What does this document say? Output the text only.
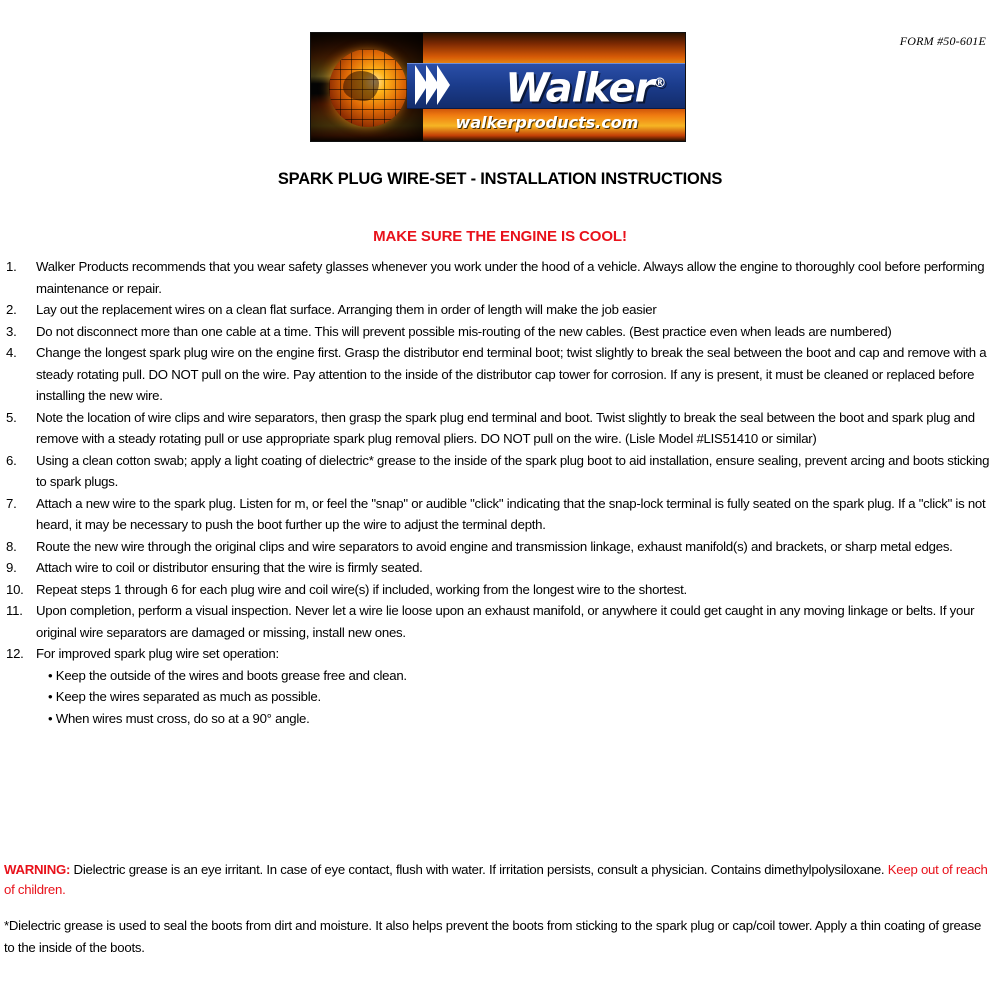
FORM #50-601E
Walker®
walkerproducts.com
SPARK PLUG WIRE-SET - INSTALLATION INSTRUCTIONS
MAKE SURE THE ENGINE IS COOL!
1.	Walker Products recommends that you wear safety glasses whenever you work under the hood of a vehicle. Always allow the engine to thoroughly cool before performing maintenance or repair.
2.	Lay out the replacement wires on a clean flat surface. Arranging them in order of length will make the job easier
3.	Do not disconnect more than one cable at a time. This will prevent possible mis-routing of the new cables. (Best practice even when leads are numbered)
4.	Change the longest spark plug wire on the engine first. Grasp the distributor end terminal boot; twist slightly to break the seal between the boot and cap and remove with a steady rotating pull. DO NOT pull on the wire. Pay attention to the inside of the distributor cap tower for corrosion. If any is present, it must be cleaned or replaced before installing the new wire.
5.	Note the location of wire clips and wire separators, then grasp the spark plug end terminal and boot. Twist slightly to break the seal between the boot and spark plug and remove with a steady rotating pull or use appropriate spark plug removal pliers. DO NOT pull on the wire. (Lisle Model #LIS51410 or similar)
6.	Using a clean cotton swab; apply a light coating of dielectric* grease to the inside of the spark plug boot to aid installation, ensure sealing, prevent arcing and boots sticking to spark plugs.
7.	Attach a new wire to the spark plug. Listen for m, or feel the "snap" or audible "click" indicating that the snap-lock terminal is fully seated on the spark plug. If a "click" is not heard, it may be necessary to push the boot further up the wire to adjust the terminal depth.
8.	Route the new wire through the original clips and wire separators to avoid engine and transmission linkage, exhaust manifold(s) and brackets, or sharp metal edges.
9.	Attach wire to coil or distributor ensuring that the wire is firmly seated.
10. Repeat steps 1 through 6 for each plug wire and coil wire(s) if included, working from the longest wire to the shortest.
11.	Upon completion, perform a visual inspection. Never let a wire lie loose upon an exhaust manifold, or anywhere it could get caught in any moving linkage or belts. If your original wire separators are damaged or missing, install new ones.
12. For improved spark plug wire set operation:
• Keep the outside of the wires and boots grease free and clean.
• Keep the wires separated as much as possible.
• When wires must cross, do so at a 90° angle.
WARNING: Dielectric grease is an eye irritant. In case of eye contact, flush with water. If irritation persists, consult a physician. Contains dimethylpolysiloxane. Keep out of reach of children.
*Dielectric grease is used to seal the boots from dirt and moisture. It also helps prevent the boots from sticking to the spark plug or cap/coil tower. Apply a thin coating of grease to the inside of the boots.
